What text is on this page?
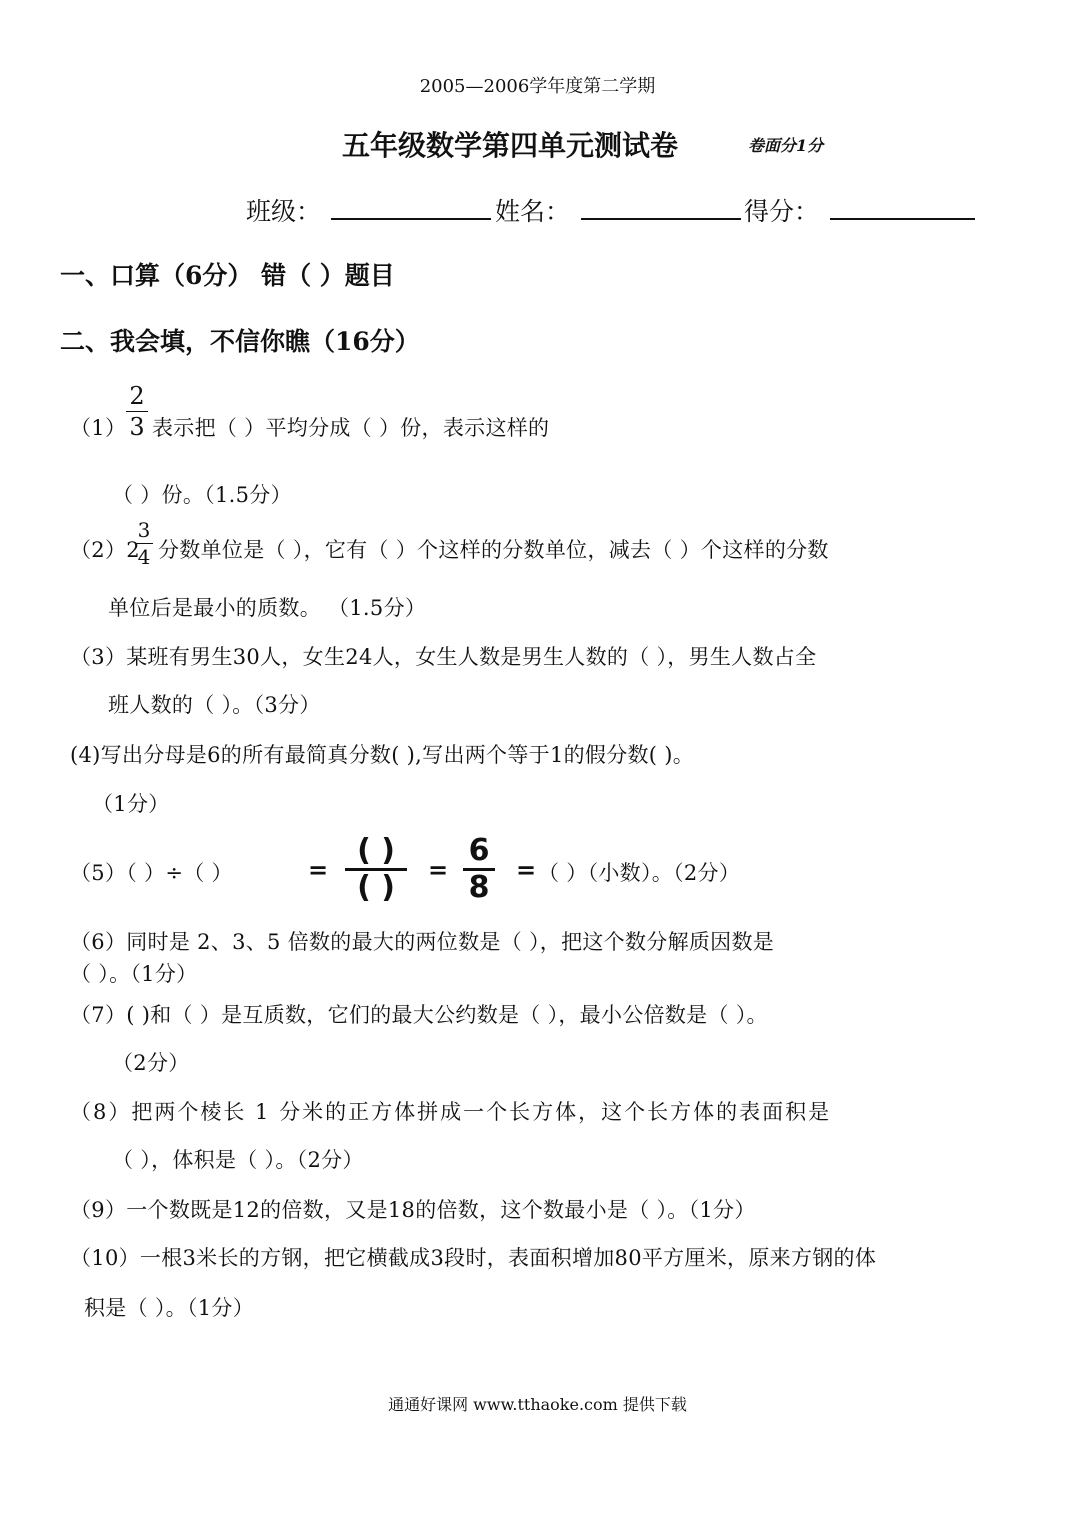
2005—2006学年度第二学期
五年级数学第四单元测试卷	卷面分1分
班级：	姓名：	得分：
一、口算（6分） 错（ ）题目
二、我会填，不信你瞧（16分）
（1）
2
3 表示把（ ）平均分成（ ）份，表示这样的
（ ）份。（1.5分）
（2）2
3
4 分数单位是（ ），它有（ ）个这样的分数单位，减去（ ）个这样的分数
单位后是最小的质数。 （1.5分）
（3）某班有男生30人，女生24人，女生人数是男生人数的（ ），男生人数占全
班人数的（ ）。（3分）
(4)写出分母是6的所有最简真分数( ),写出两个等于1的假分数( )。
（1分）
（5）（ ）÷（ ）	=
( )
( )	=
6
8 = （ ）（小数）。（2分）
（6）同时是 2、3、5 倍数的最大的两位数是（ ），把这个数分解质因数是
（ ）。（1分）
（7）( )和（ ）是互质数，它们的最大公约数是（ ），最小公倍数是（ ）。
（2分）
（8）把两个棱长 1 分米的正方体拼成一个长方体，这个长方体的表面积是
（ ），体积是（ ）。（2分）
（9）一个数既是12的倍数，又是18的倍数，这个数最小是（ ）。（1分）
（10）一根3米长的方钢，把它横截成3段时，表面积增加80平方厘米，原来方钢的体
积是（ ）。（1分）
通通好课网 www.tthaoke.com 提供下载
